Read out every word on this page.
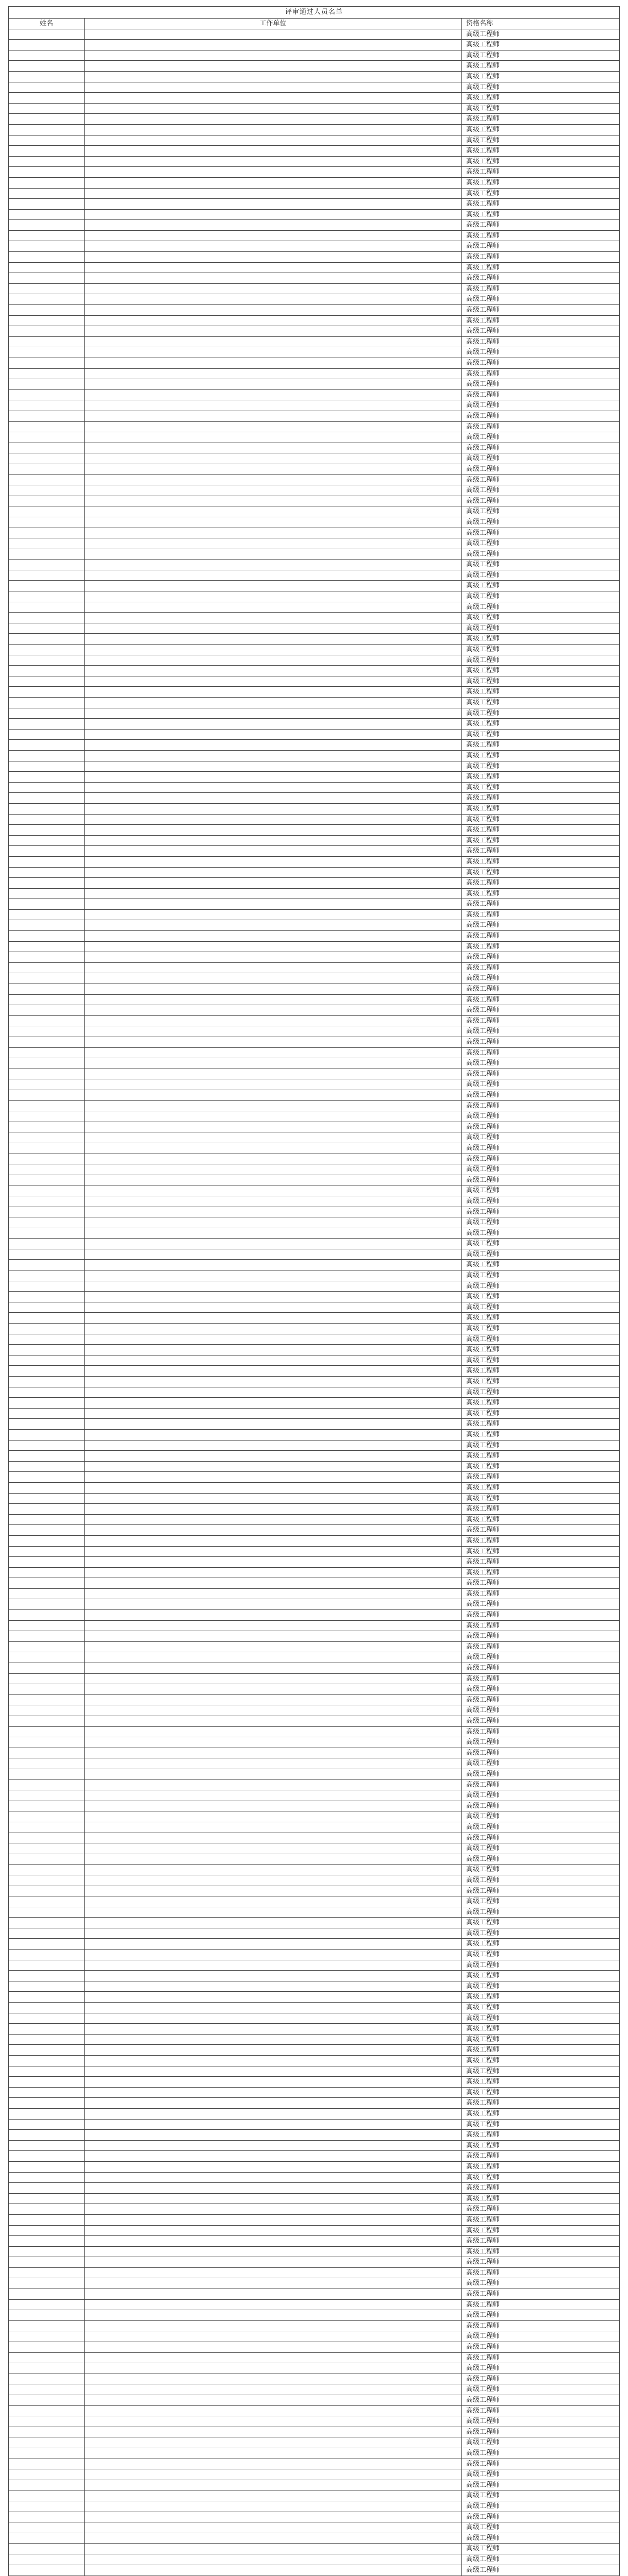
评审通过人员名单		
姓名	工作单位	资格名称
		高级工程师
		高级工程师
		高级工程师
		高级工程师
		高级工程师
		高级工程师
		高级工程师
		高级工程师
		高级工程师
		高级工程师
		高级工程师
		高级工程师
		高级工程师
		高级工程师
		高级工程师
		高级工程师
		高级工程师
		高级工程师
		高级工程师
		高级工程师
		高级工程师
		高级工程师
		高级工程师
		高级工程师
		高级工程师
		高级工程师
		高级工程师
		高级工程师
		高级工程师
		高级工程师
		高级工程师
		高级工程师
		高级工程师
		高级工程师
		高级工程师
		高级工程师
		高级工程师
		高级工程师
		高级工程师
		高级工程师
		高级工程师
		高级工程师
		高级工程师
		高级工程师
		高级工程师
		高级工程师
		高级工程师
		高级工程师
		高级工程师
		高级工程师
		高级工程师
		高级工程师
		高级工程师
		高级工程师
		高级工程师
		高级工程师
		高级工程师
		高级工程师
		高级工程师
		高级工程师
		高级工程师
		高级工程师
		高级工程师
		高级工程师
		高级工程师
		高级工程师
		高级工程师
		高级工程师
		高级工程师
		高级工程师
		高级工程师
		高级工程师
		高级工程师
		高级工程师
		高级工程师
		高级工程师
		高级工程师
		高级工程师
		高级工程师
		高级工程师
		高级工程师
		高级工程师
		高级工程师
		高级工程师
		高级工程师
		高级工程师
		高级工程师
		高级工程师
		高级工程师
		高级工程师
		高级工程师
		高级工程师
		高级工程师
		高级工程师
		高级工程师
		高级工程师
		高级工程师
		高级工程师
		高级工程师
		高级工程师
		高级工程师
		高级工程师
		高级工程师
		高级工程师
		高级工程师
		高级工程师
		高级工程师
		高级工程师
		高级工程师
		高级工程师
		高级工程师
		高级工程师
		高级工程师
		高级工程师
		高级工程师
		高级工程师
		高级工程师
		高级工程师
		高级工程师
		高级工程师
		高级工程师
		高级工程师
		高级工程师
		高级工程师
		高级工程师
		高级工程师
		高级工程师
		高级工程师
		高级工程师
		高级工程师
		高级工程师
		高级工程师
		高级工程师
		高级工程师
		高级工程师
		高级工程师
		高级工程师
		高级工程师
		高级工程师
		高级工程师
		高级工程师
		高级工程师
		高级工程师
		高级工程师
		高级工程师
		高级工程师
		高级工程师
		高级工程师
		高级工程师
		高级工程师
		高级工程师
		高级工程师
		高级工程师
		高级工程师
		高级工程师
		高级工程师
		高级工程师
		高级工程师
		高级工程师
		高级工程师
		高级工程师
		高级工程师
		高级工程师
		高级工程师
		高级工程师
		高级工程师
		高级工程师
		高级工程师
		高级工程师
		高级工程师
		高级工程师
		高级工程师
		高级工程师
		高级工程师
		高级工程师
		高级工程师
		高级工程师
		高级工程师
		高级工程师
		高级工程师
		高级工程师
		高级工程师
		高级工程师
		高级工程师
		高级工程师
		高级工程师
		高级工程师
		高级工程师
		高级工程师
		高级工程师
		高级工程师
		高级工程师
		高级工程师
		高级工程师
		高级工程师
		高级工程师
		高级工程师
		高级工程师
		高级工程师
		高级工程师
		高级工程师
		高级工程师
		高级工程师
		高级工程师
		高级工程师
		高级工程师
		高级工程师
		高级工程师
		高级工程师
		高级工程师
		高级工程师
		高级工程师
		高级工程师
		高级工程师
		高级工程师
		高级工程师
		高级工程师
		高级工程师
		高级工程师
		高级工程师
		高级工程师
		高级工程师
		高级工程师
		高级工程师
		高级工程师
		高级工程师
		高级工程师
		高级工程师
		高级工程师
		高级工程师
		高级工程师
		高级工程师
		高级工程师
		高级工程师
		高级工程师
		高级工程师
		高级工程师
		高级工程师
		高级工程师
		高级工程师
